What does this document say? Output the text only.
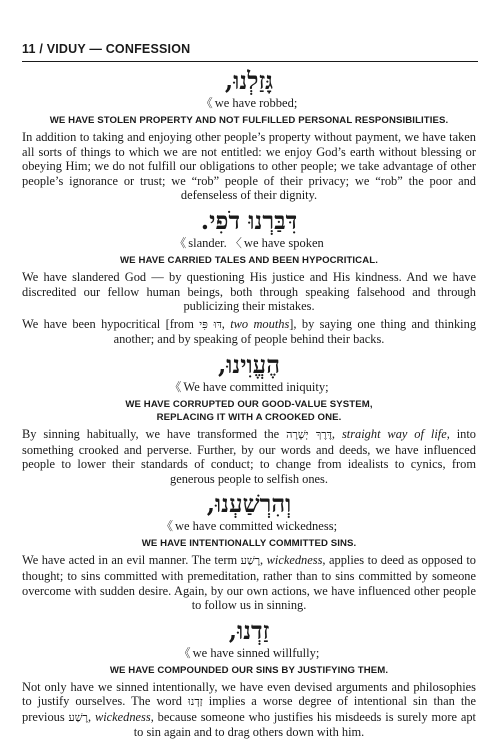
11 / VIDUY — CONFESSION

גָּזַלְנוּ,

《 we have robbed;

WE HAVE STOLEN PROPERTY AND NOT FULFILLED PERSONAL RESPONSIBILITIES.

In addition to taking and enjoying other people’s property without payment, we have taken all sorts of things to which we are not entitled: we enjoy God’s earth without blessing or obeying Him; we do not fulfill our obligations to other people; we take advantage of other people’s ignorance or trust; we “rob” people of their privacy; we “rob” the poor and defenseless of their dignity.

דִּבַּרְנוּ דֹפִי.

《 slander. 〈 we have spoken

WE HAVE CARRIED TALES AND BEEN HYPOCRITICAL.

We have slandered God — by questioning His justice and His kindness. And we have discredited our fellow human beings, both through speaking falsehood and through publicizing their mistakes.

We have been hypocritical [from דּוּ פִּי, two mouths], by saying one thing and thinking another; and by speaking of people behind their backs.

הֶעֱוִינוּ,

《 We have committed iniquity;

WE HAVE CORRUPTED OUR GOOD-VALUE SYSTEM,
REPLACING IT WITH A CROOKED ONE.

By sinning habitually, we have transformed the דֶּרֶךְ יְשָׁרָה, straight way of life, into something crooked and perverse. Further, by our words and deeds, we have influenced people to lower their standards of conduct; to change from idealists to cynics, from generous people to selfish ones.

וְהִרְשַׁעְנוּ,

《 we have committed wickedness;

WE HAVE INTENTIONALLY COMMITTED SINS.

We have acted in an evil manner. The term רֶשַׁע, wickedness, applies to deed as opposed to thought; to sins committed with premeditation, rather than to sins committed by someone overcome with sudden desire. Again, by our own actions, we have influenced other people to follow us in sinning.

זַדְנוּ,

《 we have sinned willfully;

WE HAVE COMPOUNDED OUR SINS BY JUSTIFYING THEM.

Not only have we sinned intentionally, we have even devised arguments and philosophies to justify ourselves. The word זַדְנוּ implies a worse degree of intentional sin than the previous רֶשַׁע, wickedness, because someone who justifies his misdeeds is surely more apt to sin again and to drag others down with him.
